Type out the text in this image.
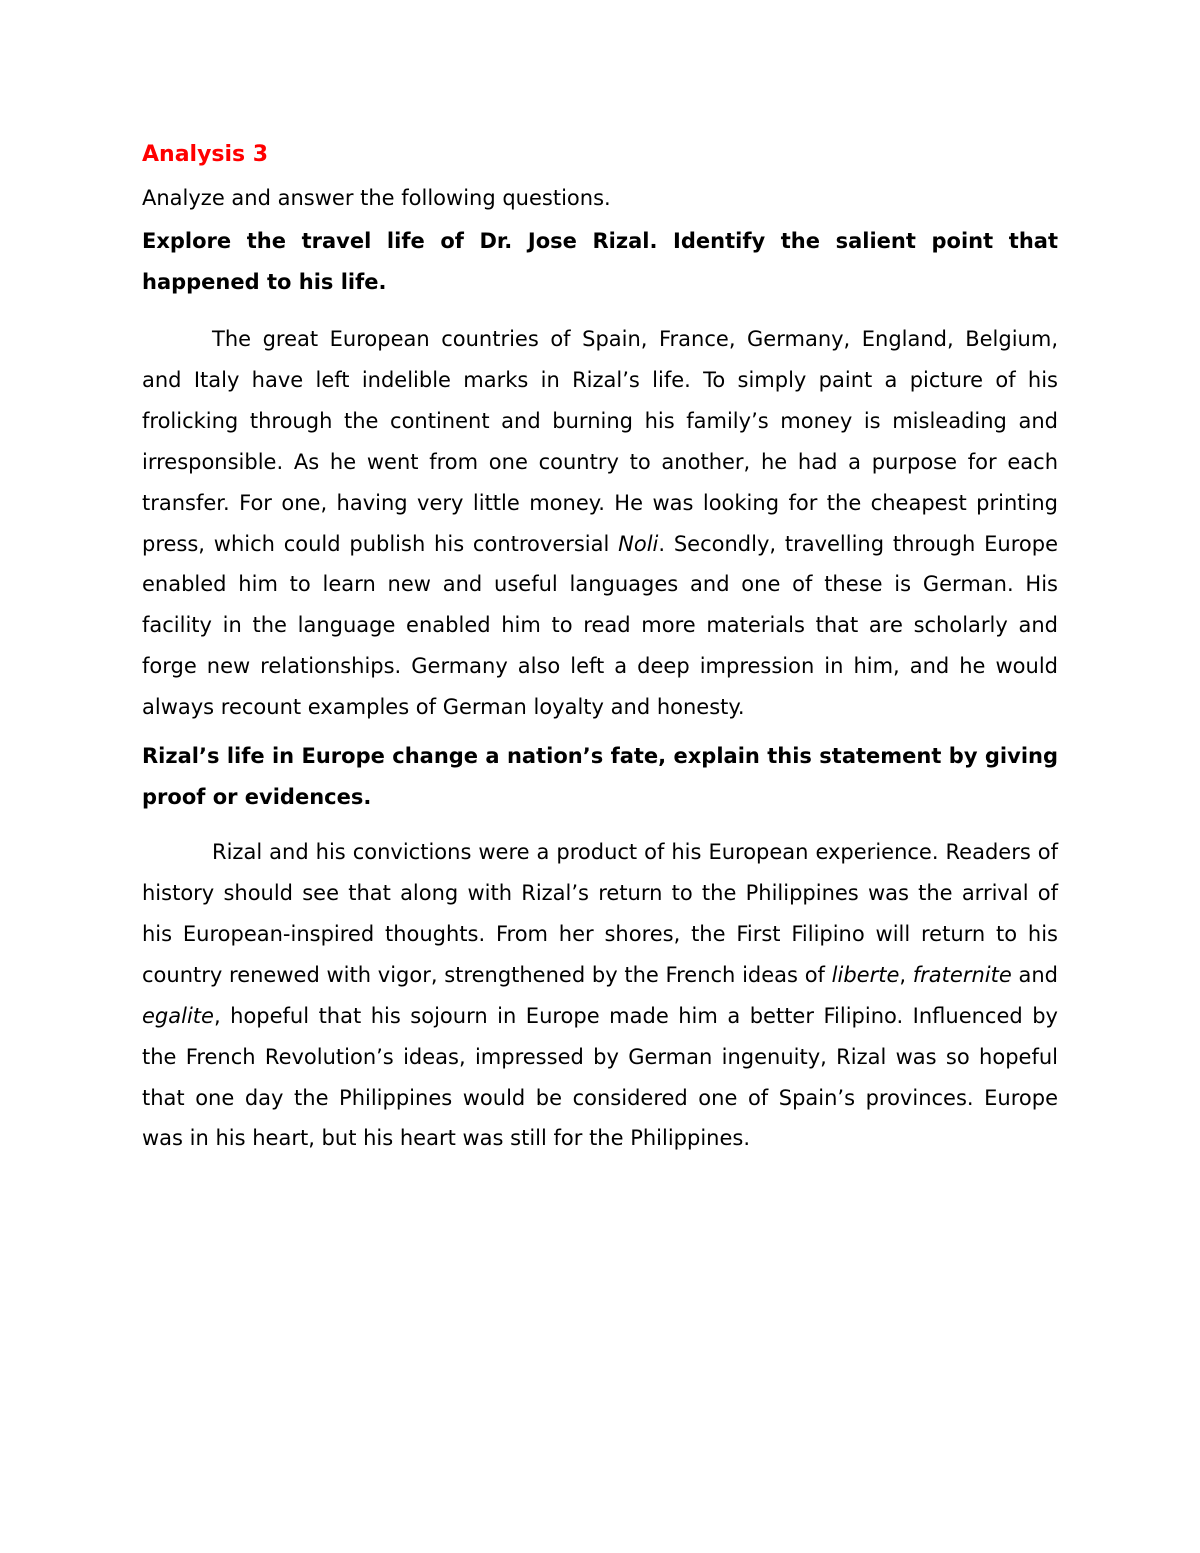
Analysis 3

Analyze and answer the following questions.

Explore the travel life of Dr. Jose Rizal. Identify the salient point that happened to his life.

The great European countries of Spain, France, Germany, England, Belgium, and Italy have left indelible marks in Rizal’s life. To simply paint a picture of his frolicking through the continent and burning his family’s money is misleading and irresponsible. As he went from one country to another, he had a purpose for each transfer. For one, having very little money. He was looking for the cheapest printing press, which could publish his controversial Noli. Secondly, travelling through Europe enabled him to learn new and useful languages and one of these is German. His facility in the language enabled him to read more materials that are scholarly and forge new relationships. Germany also left a deep impression in him, and he would always recount examples of German loyalty and honesty.

Rizal’s life in Europe change a nation’s fate, explain this statement by giving proof or evidences.

Rizal and his convictions were a product of his European experience. Readers of history should see that along with Rizal’s return to the Philippines was the arrival of his European-inspired thoughts. From her shores, the First Filipino will return to his country renewed with vigor, strengthened by the French ideas of liberte, fraternite and egalite, hopeful that his sojourn in Europe made him a better Filipino. Influenced by the French Revolution’s ideas, impressed by German ingenuity, Rizal was so hopeful that one day the Philippines would be considered one of Spain’s provinces. Europe was in his heart, but his heart was still for the Philippines.
